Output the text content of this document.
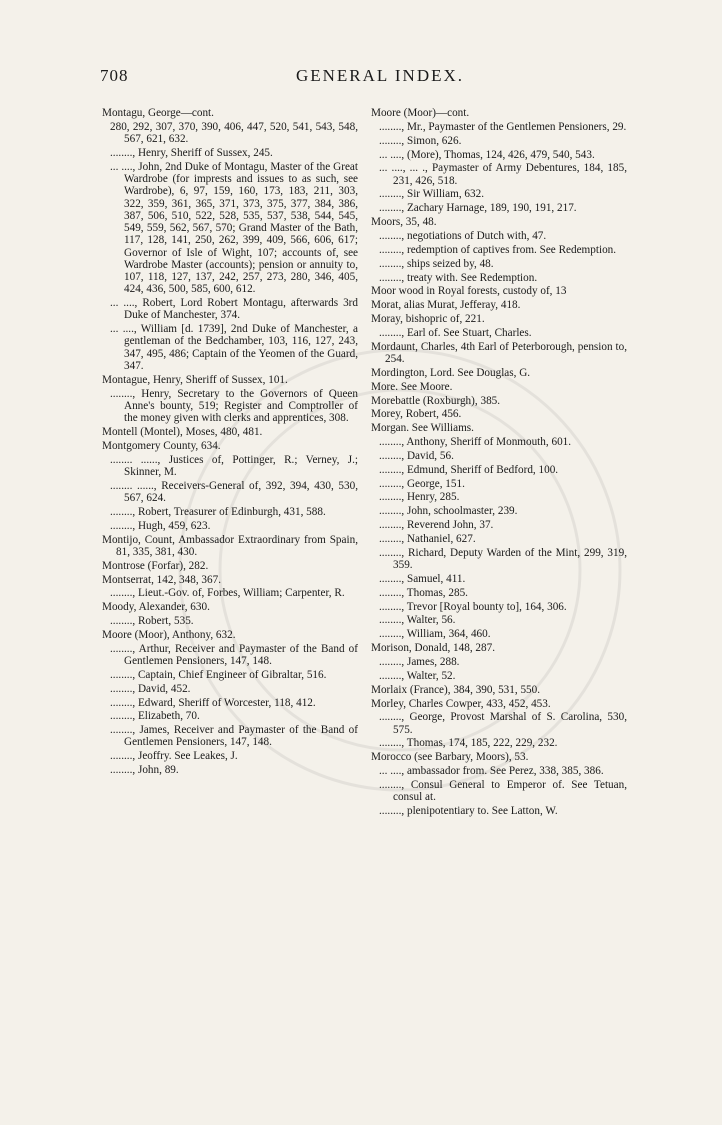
708	GENERAL INDEX.

Montagu, George—cont.

280, 292, 307, 370, 390, 406, 447, 520, 541, 543, 548, 567, 621, 632.

........, Henry, Sheriff of Sussex, 245.

... ...., John, 2nd Duke of Montagu, Master of the Great Wardrobe (for imprests and issues to as such, see Wardrobe), 6, 97, 159, 160, 173, 183, 211, 303, 322, 359, 361, 365, 371, 373, 375, 377, 384, 386, 387, 506, 510, 522, 528, 535, 537, 538, 544, 545, 549, 559, 562, 567, 570; Grand Master of the Bath, 117, 128, 141, 250, 262, 399, 409, 566, 606, 617; Governor of Isle of Wight, 107; accounts of, see Wardrobe Master (accounts); pension or annuity to, 107, 118, 127, 137, 242, 257, 273, 280, 346, 405, 424, 436, 500, 585, 600, 612.

... ...., Robert, Lord Robert Montagu, afterwards 3rd Duke of Manchester, 374.

... ...., William [d. 1739], 2nd Duke of Manchester, a gentleman of the Bedchamber, 103, 116, 127, 243, 347, 495, 486; Captain of the Yeomen of the Guard, 347.

Montague, Henry, Sheriff of Sussex, 101.

........, Henry, Secretary to the Governors of Queen Anne's bounty, 519; Register and Comptroller of the money given with clerks and apprentices, 308.

Montell (Montel), Moses, 480, 481.

Montgomery County, 634.

........ ......, Justices of, Pottinger, R.; Verney, J.; Skinner, M.

........ ......, Receivers-General of, 392, 394, 430, 530, 567, 624.

........, Robert, Treasurer of Edinburgh, 431, 588.

........, Hugh, 459, 623.

Montijo, Count, Ambassador Extraordinary from Spain, 81, 335, 381, 430.

Montrose (Forfar), 282.

Montserrat, 142, 348, 367.

........, Lieut.-Gov. of, Forbes, William; Carpenter, R.

Moody, Alexander, 630.

........, Robert, 535.

Moore (Moor), Anthony, 632.

........, Arthur, Receiver and Paymaster of the Band of Gentlemen Pensioners, 147, 148.

........, Captain, Chief Engineer of Gibraltar, 516.

........, David, 452.

........, Edward, Sheriff of Worcester, 118, 412.

........, Elizabeth, 70.

........, James, Receiver and Paymaster of the Band of Gentlemen Pensioners, 147, 148.

........, Jeoffry. See Leakes, J.

........, John, 89.

Moore (Moor)—cont.

........, Mr., Paymaster of the Gentlemen Pensioners, 29.

........, Simon, 626.

... ...., (More), Thomas, 124, 426, 479, 540, 543.

... ...., ... ., Paymaster of Army Debentures, 184, 185, 231, 426, 518.

........, Sir William, 632.

........, Zachary Harnage, 189, 190, 191, 217.

Moors, 35, 48.

........, negotiations of Dutch with, 47.

........, redemption of captives from. See Redemption.

........, ships seized by, 48.

........, treaty with. See Redemption.

Moor wood in Royal forests, custody of, 13

Morat, alias Murat, Jefferay, 418.

Moray, bishopric of, 221.

........, Earl of. See Stuart, Charles.

Mordaunt, Charles, 4th Earl of Peterborough, pension to, 254.

Mordington, Lord. See Douglas, G.

More. See Moore.

Morebattle (Roxburgh), 385.

Morey, Robert, 456.

Morgan. See Williams.

........, Anthony, Sheriff of Monmouth, 601.

........, David, 56.

........, Edmund, Sheriff of Bedford, 100.

........, George, 151.

........, Henry, 285.

........, John, schoolmaster, 239.

........, Reverend John, 37.

........, Nathaniel, 627.

........, Richard, Deputy Warden of the Mint, 299, 319, 359.

........, Samuel, 411.

........, Thomas, 285.

........, Trevor [Royal bounty to], 164, 306.

........, Walter, 56.

........, William, 364, 460.

Morison, Donald, 148, 287.

........, James, 288.

........, Walter, 52.

Morlaix (France), 384, 390, 531, 550.

Morley, Charles Cowper, 433, 452, 453.

........, George, Provost Marshal of S. Carolina, 530, 575.

........, Thomas, 174, 185, 222, 229, 232.

Morocco (see Barbary, Moors), 53.

... ...., ambassador from. See Perez, 338, 385, 386.

........, Consul General to Emperor of. See Tetuan, consul at.

........, plenipotentiary to. See Latton, W.
